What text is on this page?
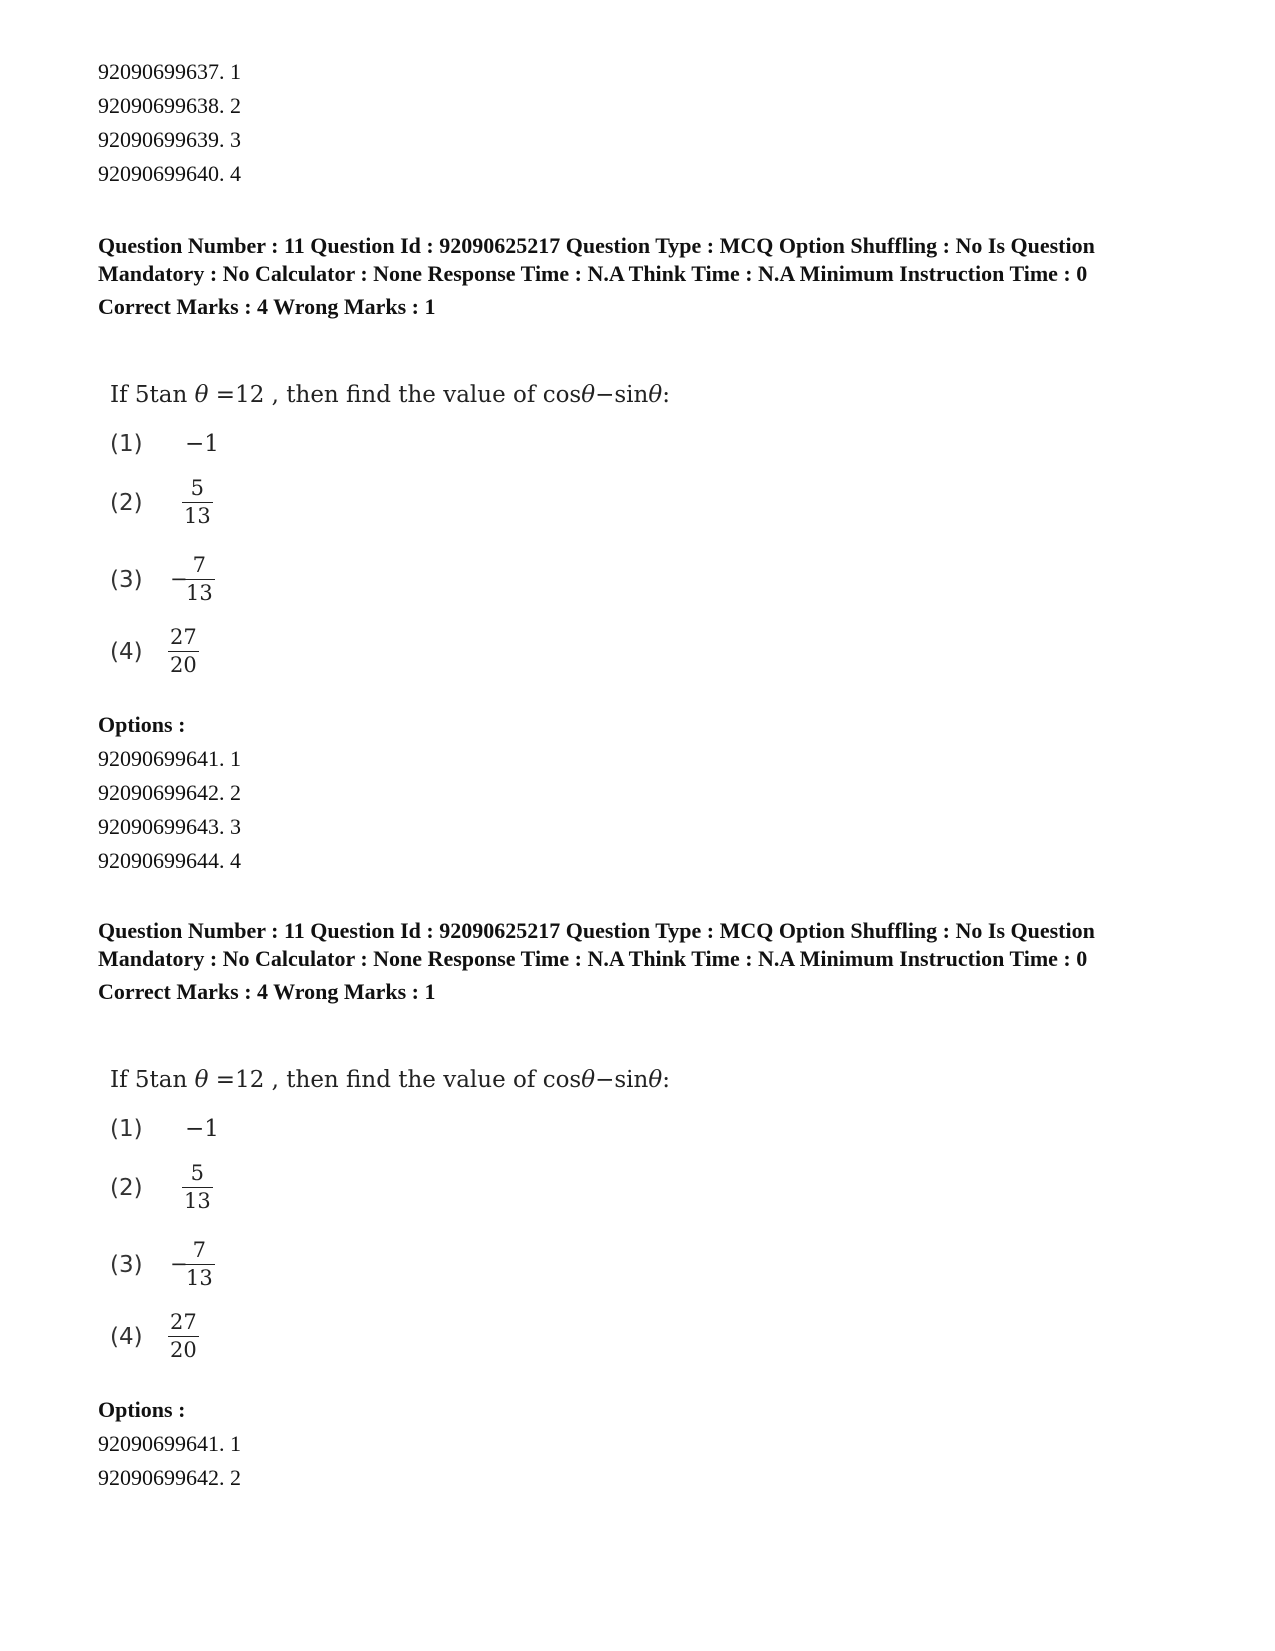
92090699637. 1
92090699638. 2
92090699639. 3
92090699640. 4
Question Number : 11 Question Id : 92090625217 Question Type : MCQ Option Shuffling : No Is Question Mandatory : No Calculator : None Response Time : N.A Think Time : N.A Minimum Instruction Time : 0
Correct Marks : 4 Wrong Marks : 1
If 5tan θ =12 , then find the value of cosθ−sinθ:
(1) −1
$(2) \frac{5}{13}$
(3) −
$\frac{7}{13}$
$(4) \frac{27}{20}$
Options :
92090699641. 1
92090699642. 2
92090699643. 3
92090699644. 4
Question Number : 11 Question Id : 92090625217 Question Type : MCQ Option Shuffling : No Is Question Mandatory : No Calculator : None Response Time : N.A Think Time : N.A Minimum Instruction Time : 0
Correct Marks : 4 Wrong Marks : 1
If 5tan θ =12 , then find the value of cosθ−sinθ:
(1) −1
$(2) \frac{5}{13}$
(3) −
$\frac{7}{13}$
$(4) \frac{27}{20}$
Options :
92090699641. 1
92090699642. 2
